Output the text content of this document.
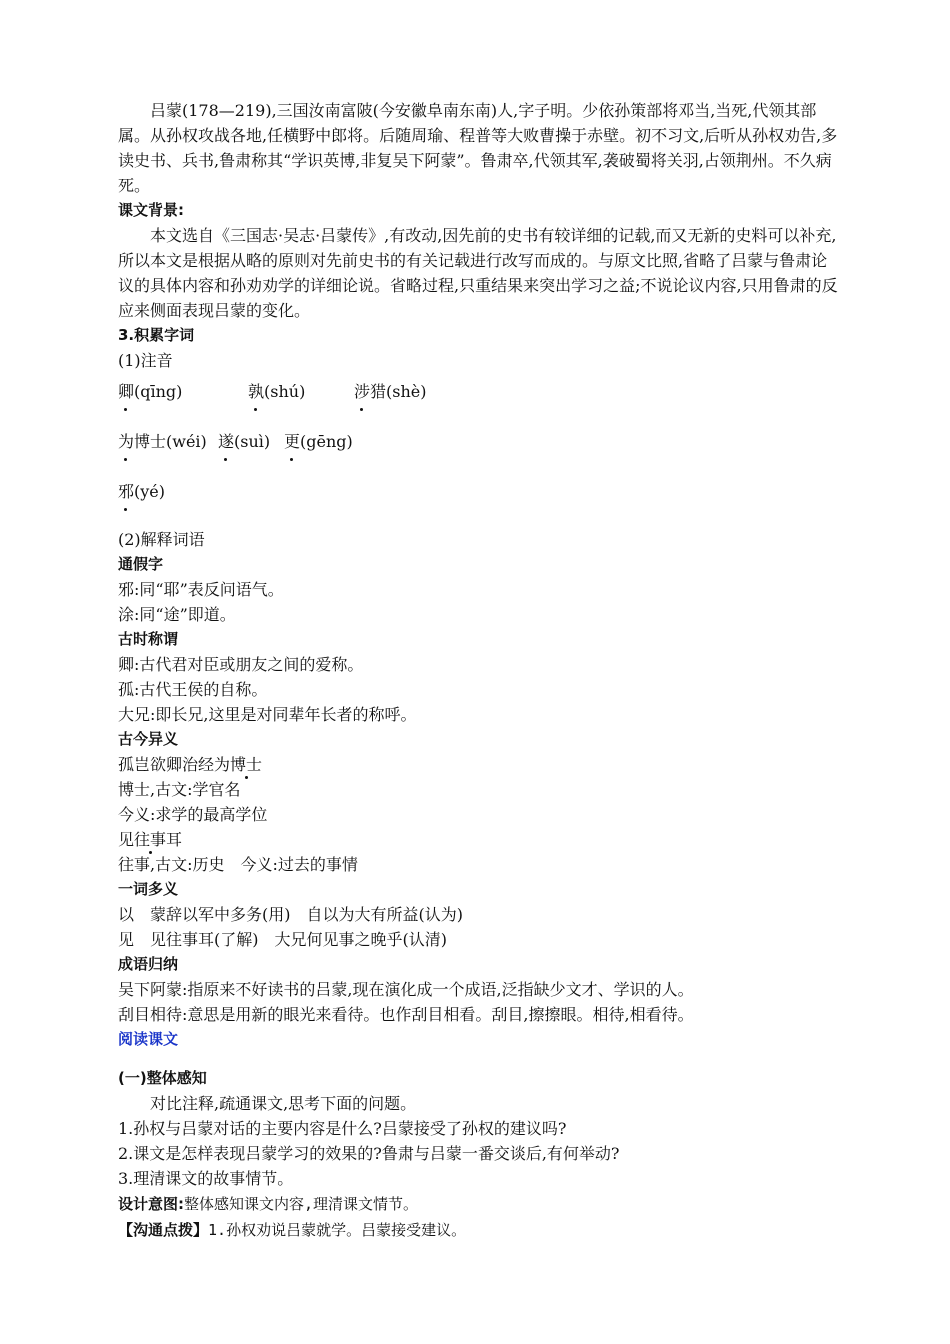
吕蒙(178—219),三国汝南富陂(今安徽阜南东南)人,字子明。少依孙策部将邓当,当死,代领其部属。从孙权攻战各地,任横野中郎将。后随周瑜、程普等大败曹操于赤壁。初不习文,后听从孙权劝告,多读史书、兵书,鲁肃称其“学识英博,非复吴下阿蒙”。鲁肃卒,代领其军,袭破蜀将关羽,占领荆州。不久病死。

课文背景:

本文选自《三国志·吴志·吕蒙传》,有改动,因先前的史书有较详细的记载,而又无新的史料可以补充,所以本文是根据从略的原则对先前史书的有关记载进行改写而成的。与原文比照,省略了吕蒙与鲁肃论议的具体内容和孙劝劝学的详细论说。省略过程,只重结果来突出学习之益;不说论议内容,只用鲁肃的反应来侧面表现吕蒙的变化。

3.积累字词

(1)注音

卿(qīng)	孰(shú)	涉猎(shè)
为博士(wéi) 遂(suì) 更(gēng)
邪(yé)

(2)解释词语

通假字

邪:同“耶”表反问语气。

涂:同“途”即道。

古时称谓

卿:古代君对臣或朋友之间的爱称。

孤:古代王侯的自称。

大兄:即长兄,这里是对同辈年长者的称呼。

古今异义

孤岂欲卿治经为博士

博士,古文:学官名

今义:求学的最高学位

见往事耳

往事,古文:历史　今义:过去的事情

一词多义

以　蒙辞以军中多务(用)　自以为大有所益(认为)

见　见往事耳(了解)　大兄何见事之晚乎(认清)

成语归纳

吴下阿蒙:指原来不好读书的吕蒙,现在演化成一个成语,泛指缺少文才、学识的人。

刮目相待:意思是用新的眼光来看待。也作刮目相看。刮目,擦擦眼。相待,相看待。

阅读课文

(一)整体感知

对比注释,疏通课文,思考下面的问题。

1.孙权与吕蒙对话的主要内容是什么?吕蒙接受了孙权的建议吗?

2.课文是怎样表现吕蒙学习的效果的?鲁肃与吕蒙一番交谈后,有何举动?

3.理清课文的故事情节。

设计意图:整体感知课文内容,理清课文情节。

【沟通点拨】1.孙权劝说吕蒙就学。吕蒙接受建议。
